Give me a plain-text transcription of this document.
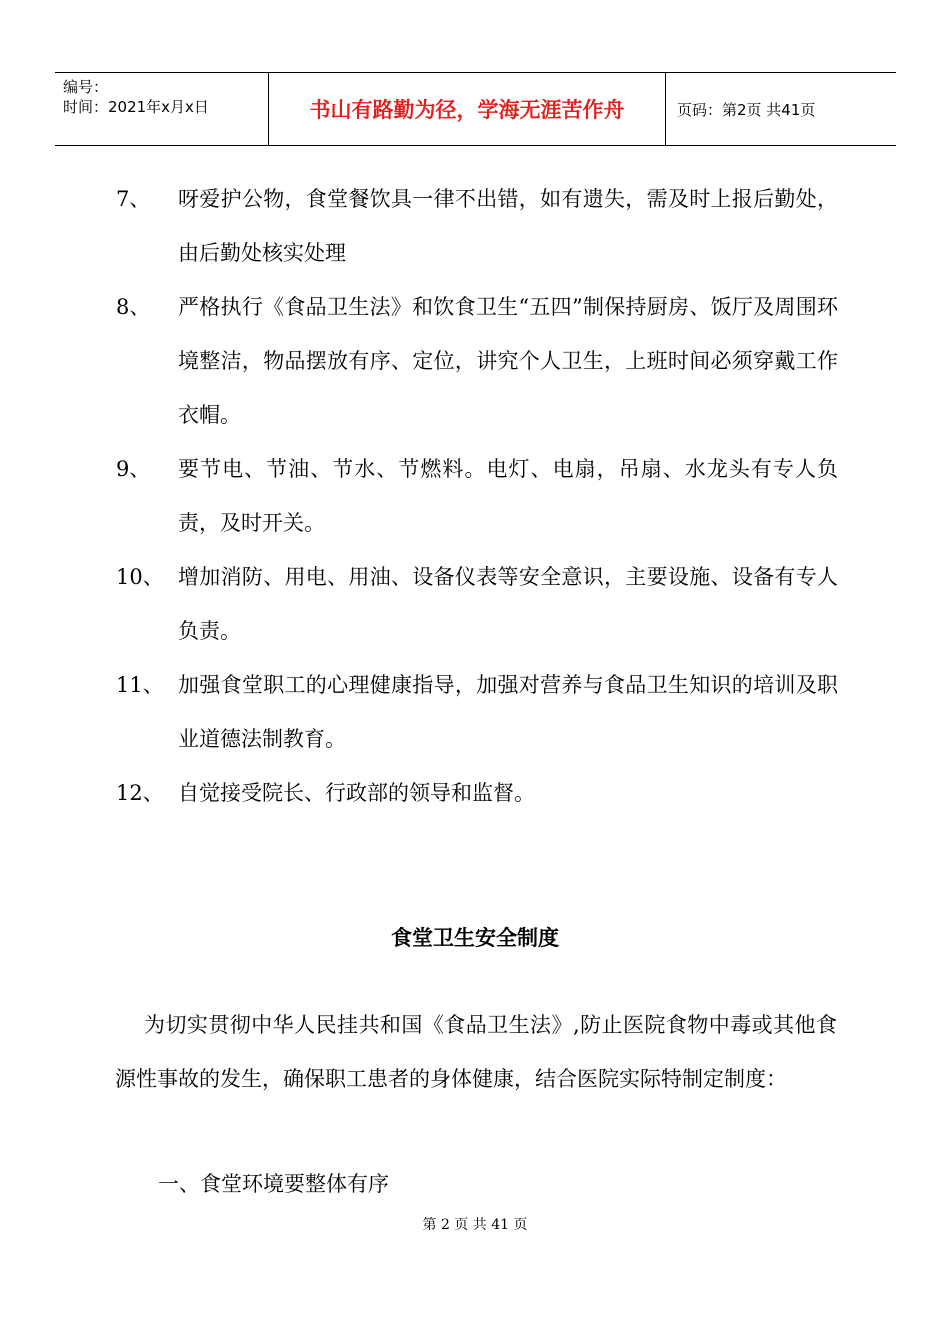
编号：
时间：2021年x月x日	书山有路勤为径，学海无涯苦作舟	页码：第2页 共41页
7、 呀爱护公物，食堂餐饮具一律不出错，如有遗失，需及时上报后勤处，由后勤处核实处理
8、 严格执行《食品卫生法》和饮食卫生“五四”制保持厨房、饭厅及周围环境整洁，物品摆放有序、定位，讲究个人卫生，上班时间必须穿戴工作衣帽。
9、 要节电、节油、节水、节燃料。电灯、电扇，吊扇、水龙头有专人负责，及时开关。
10、 增加消防、用电、用油、设备仪表等安全意识，主要设施、设备有专人负责。
11、 加强食堂职工的心理健康指导，加强对营养与食品卫生知识的培训及职业道德法制教育。
12、 自觉接受院长、行政部的领导和监督。
食堂卫生安全制度
为切实贯彻中华人民挂共和国《食品卫生法》,防止医院食物中毒或其他食源性事故的发生，确保职工患者的身体健康，结合医院实际特制定制度：
一、食堂环境要整体有序
第 2 页 共 41 页
